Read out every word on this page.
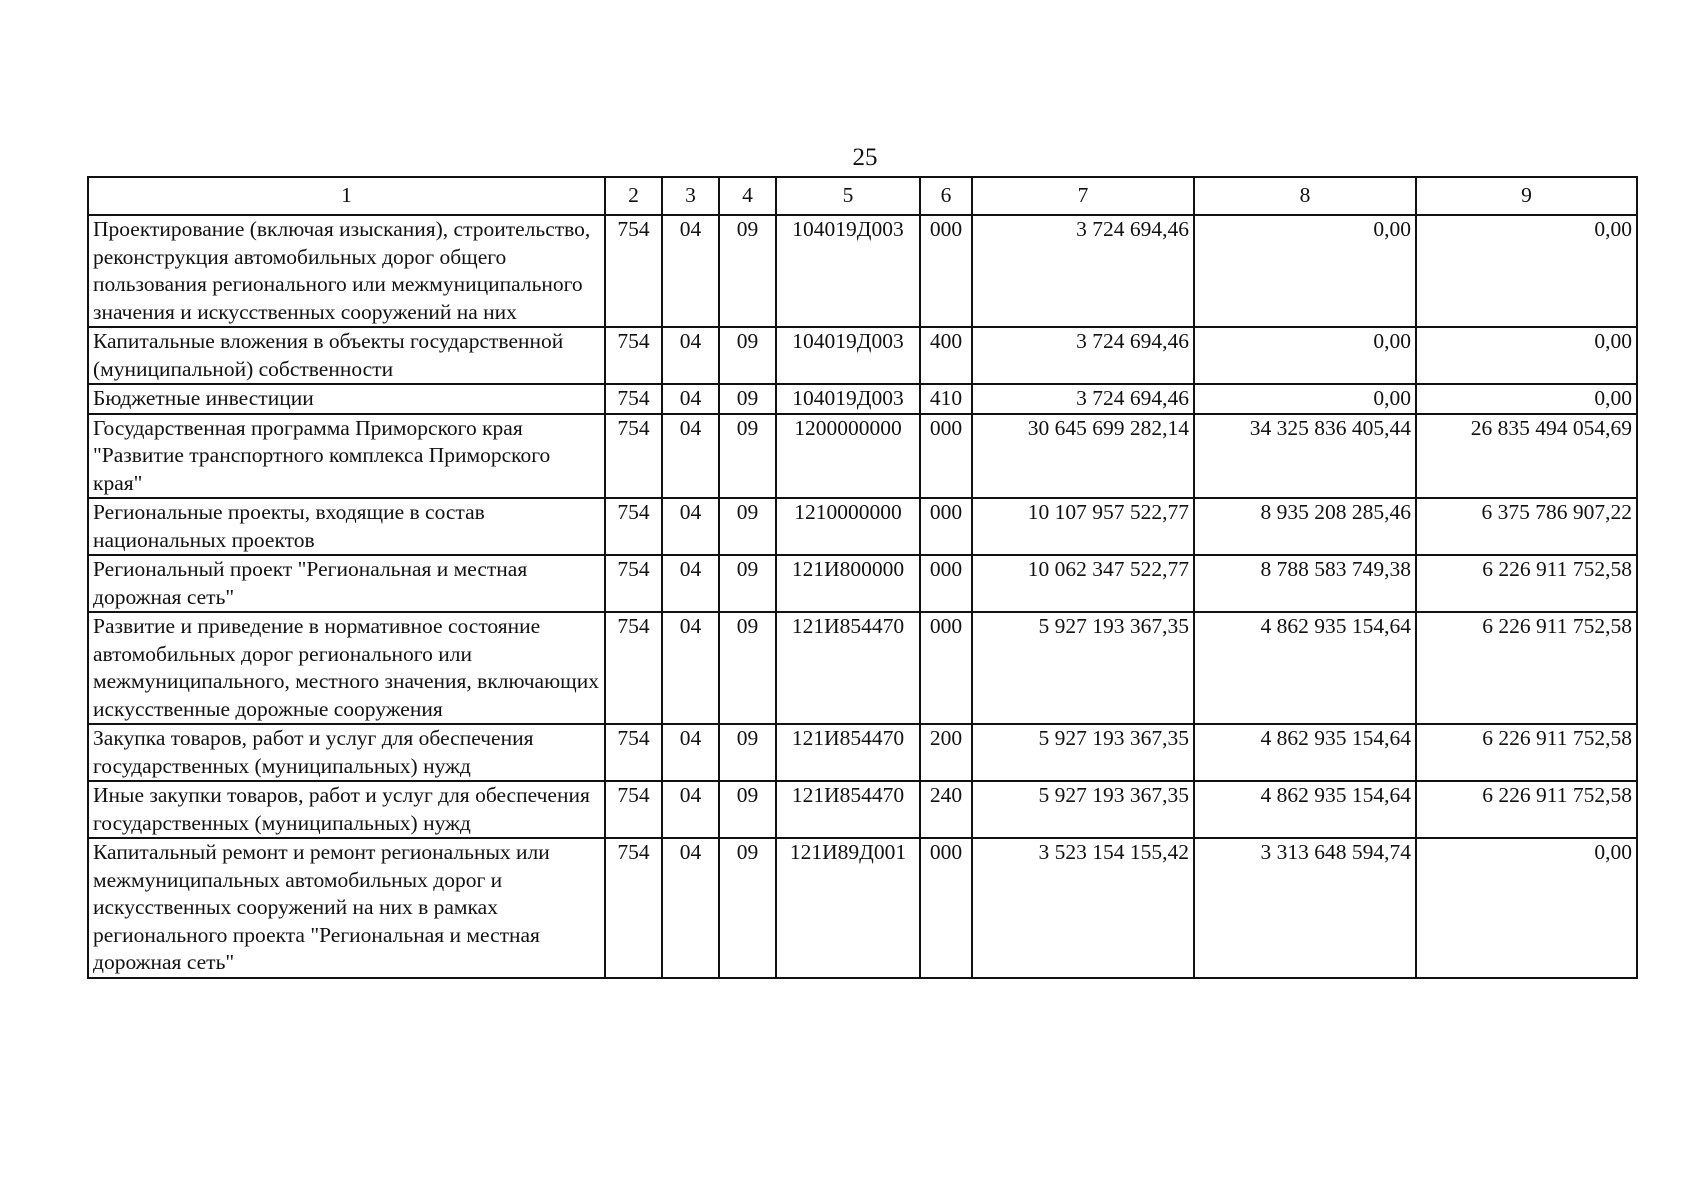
25
1	2	3	4	5	6	7	8	9
Проектирование (включая изыскания), строительство, реконструкция автомобильных дорог общего пользования регионального или межмуниципального значения и искусственных сооружений на них	754	04	09	104019Д003	000	3 724 694,46	0,00	0,00
Капитальные вложения в объекты государственной (муниципальной) собственности	754	04	09	104019Д003	400	3 724 694,46	0,00	0,00
Бюджетные инвестиции	754	04	09	104019Д003	410	3 724 694,46	0,00	0,00
Государственная программа Приморского края "Развитие транспортного комплекса Приморского края"	754	04	09	1200000000	000	30 645 699 282,14	34 325 836 405,44	26 835 494 054,69
Региональные проекты, входящие в состав национальных проектов	754	04	09	1210000000	000	10 107 957 522,77	8 935 208 285,46	6 375 786 907,22
Региональный проект "Региональная и местная дорожная сеть"	754	04	09	121И800000	000	10 062 347 522,77	8 788 583 749,38	6 226 911 752,58
Развитие и приведение в нормативное состояние автомобильных дорог регионального или межмуниципального, местного значения, включающих искусственные дорожные сооружения	754	04	09	121И854470	000	5 927 193 367,35	4 862 935 154,64	6 226 911 752,58
Закупка товаров, работ и услуг для обеспечения государственных (муниципальных) нужд	754	04	09	121И854470	200	5 927 193 367,35	4 862 935 154,64	6 226 911 752,58
Иные закупки товаров, работ и услуг для обеспечения государственных (муниципальных) нужд	754	04	09	121И854470	240	5 927 193 367,35	4 862 935 154,64	6 226 911 752,58
Капитальный ремонт и ремонт региональных или межмуниципальных автомобильных дорог и искусственных сооружений на них в рамках регионального проекта "Региональная и местная дорожная сеть"	754	04	09	121И89Д001	000	3 523 154 155,42	3 313 648 594,74	0,00
